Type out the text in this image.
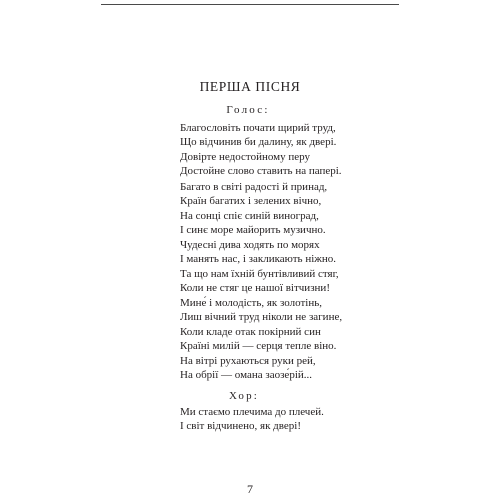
ПЕРША ПІСНЯ
Голос:
Благословіть почати щирий труд,
Що відчинив би далину, як двері.
Довірте недостойному перу
Достойне слово ставить на папері.
Багато в світі радості й принад,
Країн багатих і зелених вічно,
На сонці спіє синій виноград,
І синє море майорить музично.
Чудесні дива ходять по морях
І манять нас, і закликають ніжно.
Та що нам їхній бунтівливий стяг,
Коли не стяг це нашої вітчизни!
Мине́ і молодість, як золотінь,
Лиш вічний труд ніколи не загине,
Коли кладе отак покірний син
Країні милій — серця тепле віно.
На вітрі рухаються руки рей,
На обрії — омана заозе́рій...
Хор:
Ми стаємо плечима до плечей.
І світ відчинено, як двері!
7
